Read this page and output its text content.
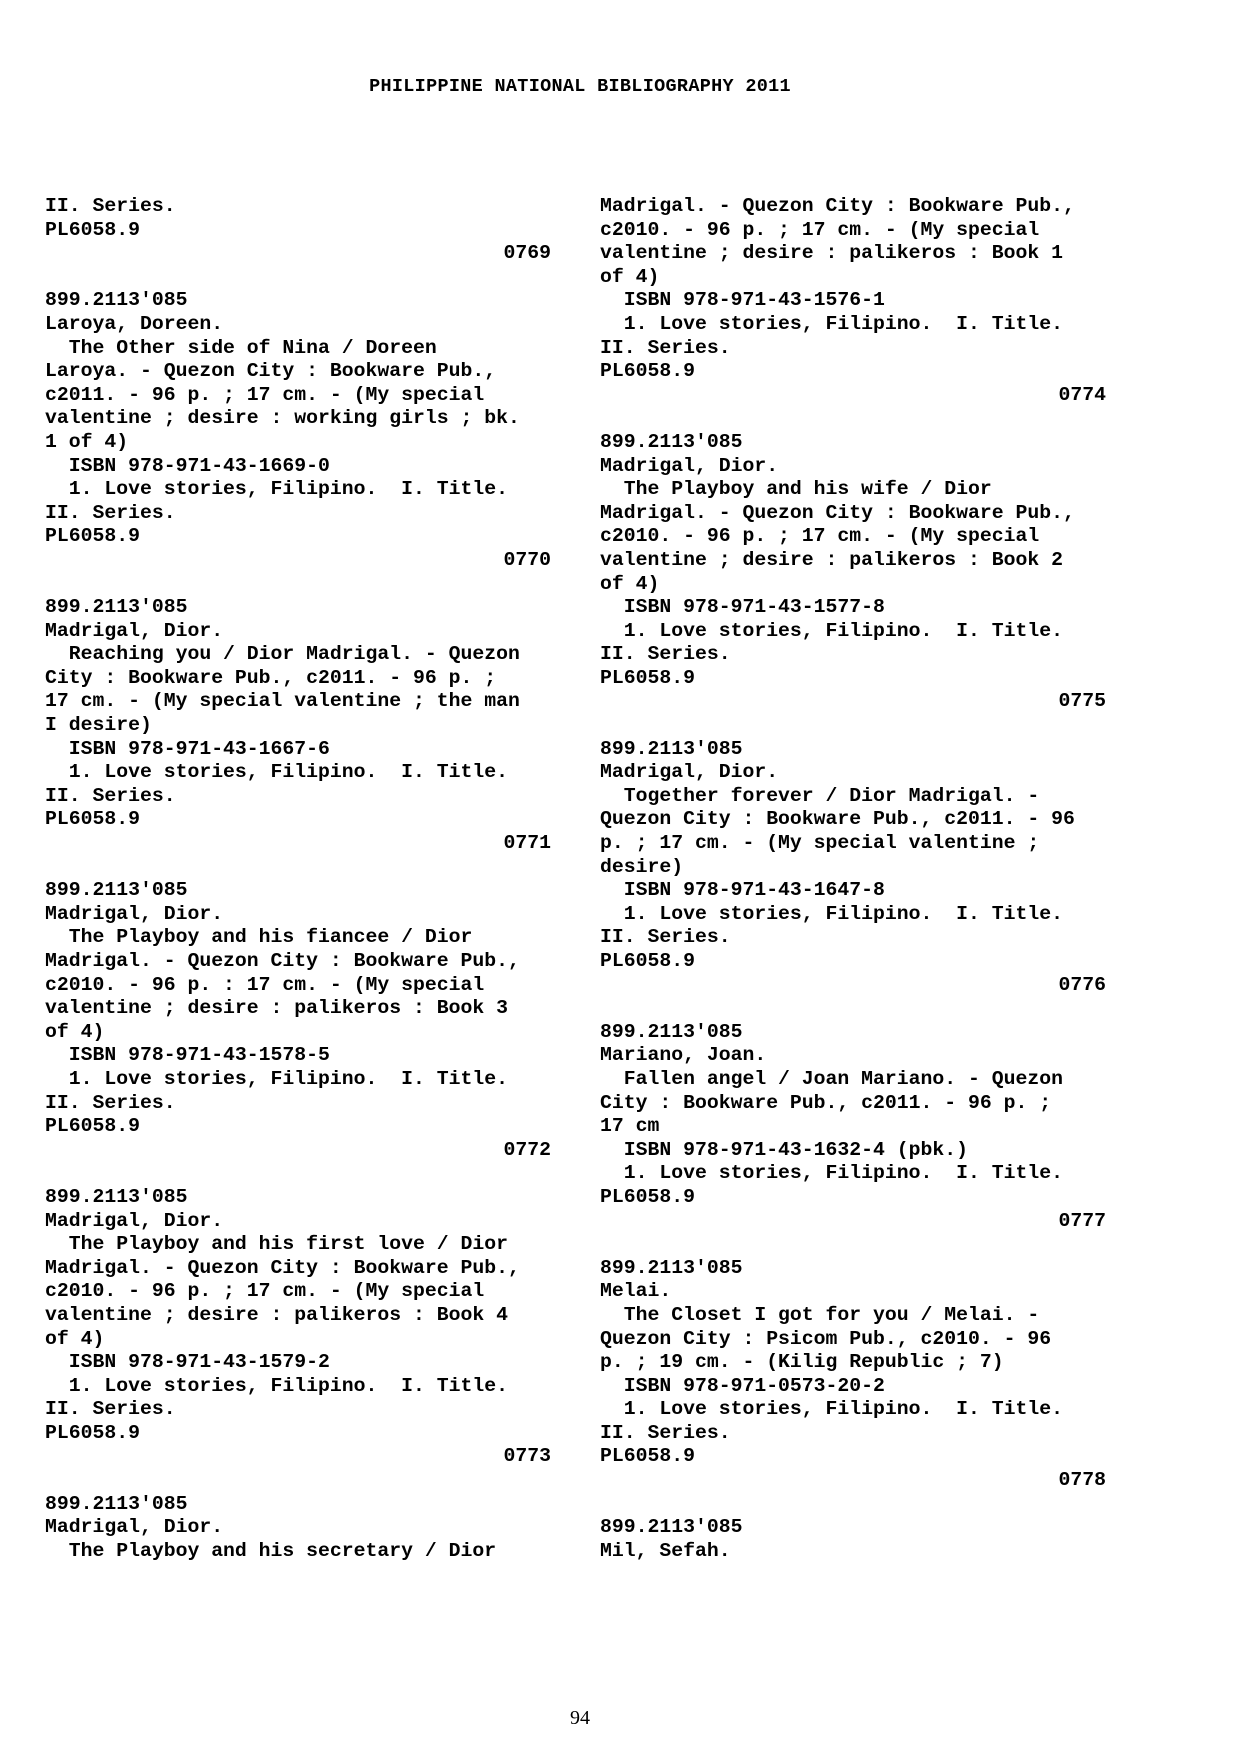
PHILIPPINE NATIONAL BIBLIOGRAPHY 2011
II. Series.
PL6058.9
0769

899.2113'085
Laroya, Doreen.
The Other side of Nina / Doreen
Laroya. - Quezon City : Bookware Pub.,
c2011. - 96 p. ; 17 cm. - (My special
valentine ; desire : working girls ; bk.
1 of 4)
ISBN 978-971-43-1669-0
1. Love stories, Filipino.  I. Title.
II. Series.
PL6058.9
0770

899.2113'085
Madrigal, Dior.
Reaching you / Dior Madrigal. - Quezon
City : Bookware Pub., c2011. - 96 p. ;
17 cm. - (My special valentine ; the man
I desire)
ISBN 978-971-43-1667-6
1. Love stories, Filipino.  I. Title.
II. Series.
PL6058.9
0771

899.2113'085
Madrigal, Dior.
The Playboy and his fiancee / Dior
Madrigal. - Quezon City : Bookware Pub.,
c2010. - 96 p. : 17 cm. - (My special
valentine ; desire : palikeros : Book 3
of 4)
ISBN 978-971-43-1578-5
1. Love stories, Filipino.  I. Title.
II. Series.
PL6058.9
0772

899.2113'085
Madrigal, Dior.
The Playboy and his first love / Dior
Madrigal. - Quezon City : Bookware Pub.,
c2010. - 96 p. ; 17 cm. - (My special
valentine ; desire : palikeros : Book 4
of 4)
ISBN 978-971-43-1579-2
1. Love stories, Filipino.  I. Title.
II. Series.
PL6058.9
0773

899.2113'085
Madrigal, Dior.
The Playboy and his secretary / Dior
Madrigal. - Quezon City : Bookware Pub.,
c2010. - 96 p. ; 17 cm. - (My special
valentine ; desire : palikeros : Book 1
of 4)
ISBN 978-971-43-1576-1
1. Love stories, Filipino.  I. Title.
II. Series.
PL6058.9
0774

899.2113'085
Madrigal, Dior.
The Playboy and his wife / Dior
Madrigal. - Quezon City : Bookware Pub.,
c2010. - 96 p. ; 17 cm. - (My special
valentine ; desire : palikeros : Book 2
of 4)
ISBN 978-971-43-1577-8
1. Love stories, Filipino.  I. Title.
II. Series.
PL6058.9
0775

899.2113'085
Madrigal, Dior.
Together forever / Dior Madrigal. -
Quezon City : Bookware Pub., c2011. - 96
p. ; 17 cm. - (My special valentine ;
desire)
ISBN 978-971-43-1647-8
1. Love stories, Filipino.  I. Title.
II. Series.
PL6058.9
0776

899.2113'085
Mariano, Joan.
Fallen angel / Joan Mariano. - Quezon
City : Bookware Pub., c2011. - 96 p. ;
17 cm
ISBN 978-971-43-1632-4 (pbk.)
1. Love stories, Filipino.  I. Title.
PL6058.9
0777

899.2113'085
Melai.
The Closet I got for you / Melai. -
Quezon City : Psicom Pub., c2010. - 96
p. ; 19 cm. - (Kilig Republic ; 7)
ISBN 978-971-0573-20-2
1. Love stories, Filipino.  I. Title.
II. Series.
PL6058.9
0778

899.2113'085
Mil, Sefah.
94
